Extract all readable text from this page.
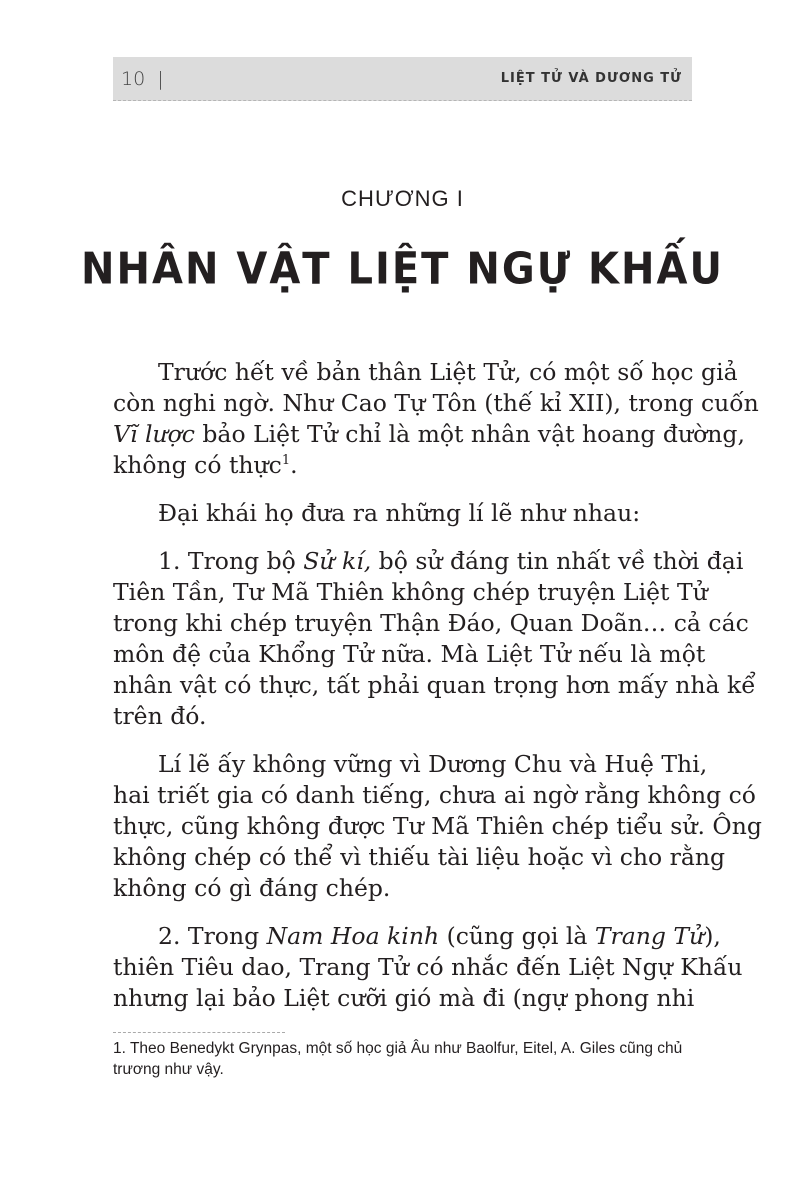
10 |	LIỆT TỬ VÀ DƯƠNG TỬ
CHƯƠNG I
NHÂN VẬT LIỆT NGỰ KHẤU
Trước hết về bản thân Liệt Tử, có một số học giả
còn nghi ngờ. Như Cao Tự Tôn (thế kỉ XII), trong cuốn
Vĩ lược bảo Liệt Tử chỉ là một nhân vật hoang đường,
không có thực$^1$.
Đại khái họ đưa ra những lí lẽ như nhau:
1. Trong bộ Sử kí, bộ sử đáng tin nhất về thời đại
Tiên Tần, Tư Mã Thiên không chép truyện Liệt Tử
trong khi chép truyện Thận Đáo, Quan Doãn… cả các
môn đệ của Khổng Tử nữa. Mà Liệt Tử nếu là một
nhân vật có thực, tất phải quan trọng hơn mấy nhà kể
trên đó.
Lí lẽ ấy không vững vì Dương Chu và Huệ Thi,
hai triết gia có danh tiếng, chưa ai ngờ rằng không có
thực, cũng không được Tư Mã Thiên chép tiểu sử. Ông
không chép có thể vì thiếu tài liệu hoặc vì cho rằng
không có gì đáng chép.
2. Trong Nam Hoa kinh (cũng gọi là Trang Tử),
thiên Tiêu dao, Trang Tử có nhắc đến Liệt Ngự Khấu
nhưng lại bảo Liệt cưỡi gió mà đi (ngự phong nhi
1. Theo Benedykt Grynpas, một số học giả Âu như Baolfur, Eitel, A. Giles cũng chủ trương như vậy.
